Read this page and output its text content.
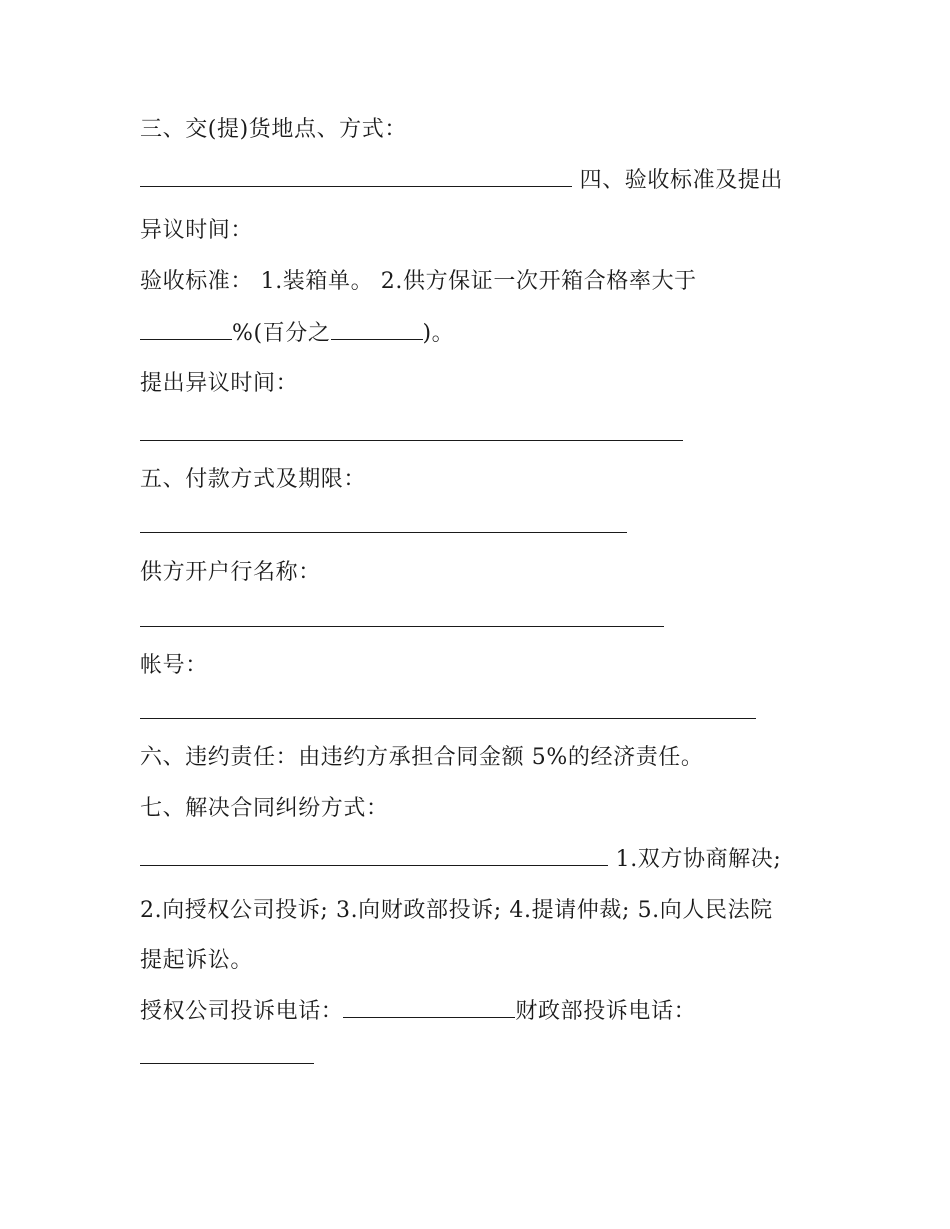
三、交(提)货地点、方式：
四、验收标准及提出
异议时间：
验收标准： 1.装箱单。 2.供方保证一次开箱合格率大于
%(百分之	)。
提出异议时间：
五、付款方式及期限：
供方开户行名称：
帐号：
六、违约责任：由违约方承担合同金额 5%的经济责任。
七、解决合同纠纷方式：
1.双方协商解决;
2.向授权公司投诉; 3.向财政部投诉; 4.提请仲裁; 5.向人民法院
提起诉讼。
授权公司投诉电话：	财政部投诉电话：
